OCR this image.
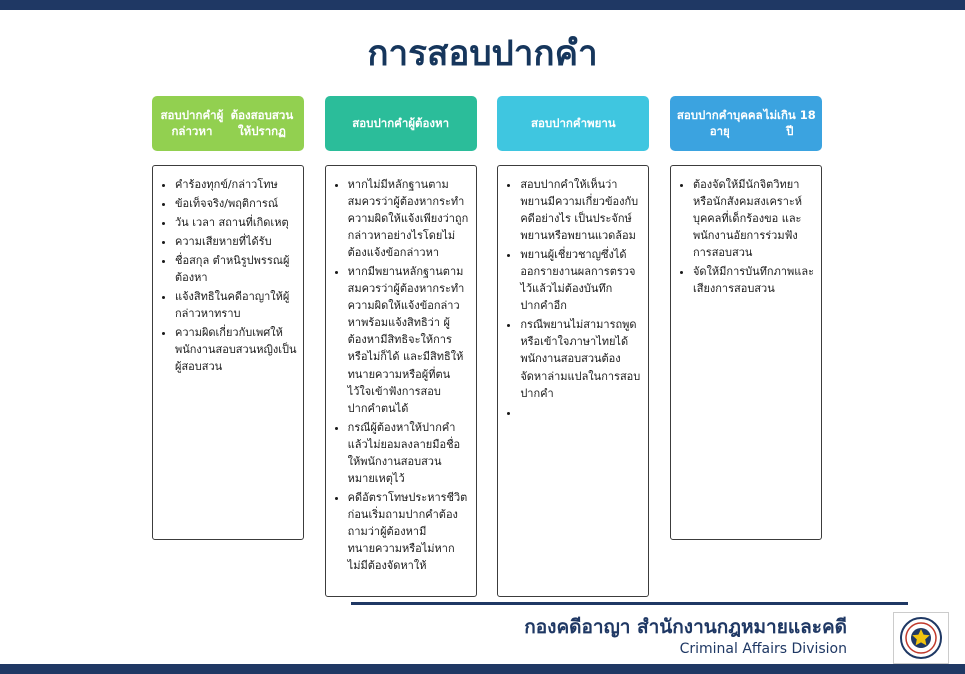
การสอบปากคำ
สอบปากคำผู้กล่าวหา
ต้องสอบสวนให้ปรากฏ
• คำร้องทุกข์/กล่าวโทษ
• ข้อเท็จจริง/พฤติการณ์
• วัน เวลา สถานที่เกิดเหตุ
• ความเสียหายที่ได้รับ
• ชื่อสกุล ตำหนิรูปพรรณผู้ต้องหา
• แจ้งสิทธิในคดีอาญาให้ผู้กล่าวหาทราบ
• ความผิดเกี่ยวกับเพศให้พนักงานสอบสวนหญิงเป็นผู้สอบสวน
สอบปากคำผู้ต้องหา
• หากไม่มีหลักฐานตามสมควรว่าผู้ต้องหากระทำความผิดให้แจ้งเพียงว่าถูกกล่าวหาอย่างไรโดยไม่ต้องแจ้งข้อกล่าวหา
• หากมีพยานหลักฐานตามสมควรว่าผู้ต้องหากระทำความผิดให้แจ้งข้อกล่าวหาพร้อมแจ้งสิทธิว่า ผู้ต้องหามีสิทธิจะให้การหรือไม่ก็ได้ และมีสิทธิให้ทนายความหรือผู้ที่ตนไว้ใจเข้าฟังการสอบปากคำตนได้
• กรณีผู้ต้องหาให้ปากคำแล้วไม่ยอมลงลายมือชื่อให้พนักงานสอบสวนหมายเหตุไว้
• คดีอัตราโทษประหารชีวิตก่อนเริ่มถามปากคำต้องถามว่าผู้ต้องหามีทนายความหรือไม่หากไม่มีต้องจัดหาให้
สอบปากคำพยาน
• สอบปากคำให้เห็นว่า พยานมีความเกี่ยวข้องกับคดีอย่างไร เป็นประจักษ์พยานหรือพยานแวดล้อม
• พยานผู้เชี่ยวชาญซึ่งได้ออกรายงานผลการตรวจไว้แล้วไม่ต้องบันทึกปากคำอีก
• กรณีพยานไม่สามารถพูดหรือเข้าใจภาษาไทยได้พนักงานสอบสวนต้องจัดหาล่ามแปลในการสอบปากคำ
•
สอบปากคำบุคคลอายุ
ไม่เกิน 18 ปี
• ต้องจัดให้มีนักจิตวิทยาหรือนักสังคมสงเคราะห์ บุคคลที่เด็กร้องขอ และพนักงานอัยการร่วมฟังการสอบสวน
• จัดให้มีการบันทึกภาพและเสียงการสอบสวน
กองคดีอาญา สำนักงานกฎหมายและคดี
Criminal Affairs Division
